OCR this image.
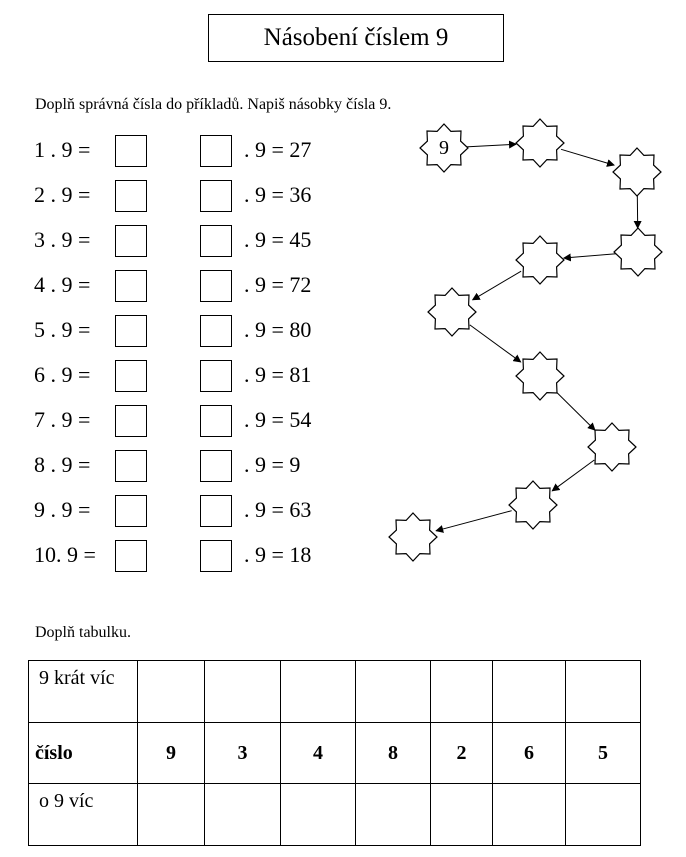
Násobení číslem 9
Doplň správná čísla do příkladů. Napiš násobky čísla 9.
1 . 9 =	. 9 = 27
2 . 9 =	. 9 = 36
3 . 9 =	. 9 = 45
4 . 9 =	. 9 = 72
5 . 9 =	. 9 = 80
6 . 9 =	. 9 = 81
7 . 9 =	. 9 = 54
8 . 9 =	. 9 = 9
9 . 9 =	. 9 = 63
10. 9 =	. 9 = 18
9
Doplň tabulku.
9 krát víc							
číslo	9	3	4	8	2	6	5
o 9 víc							
